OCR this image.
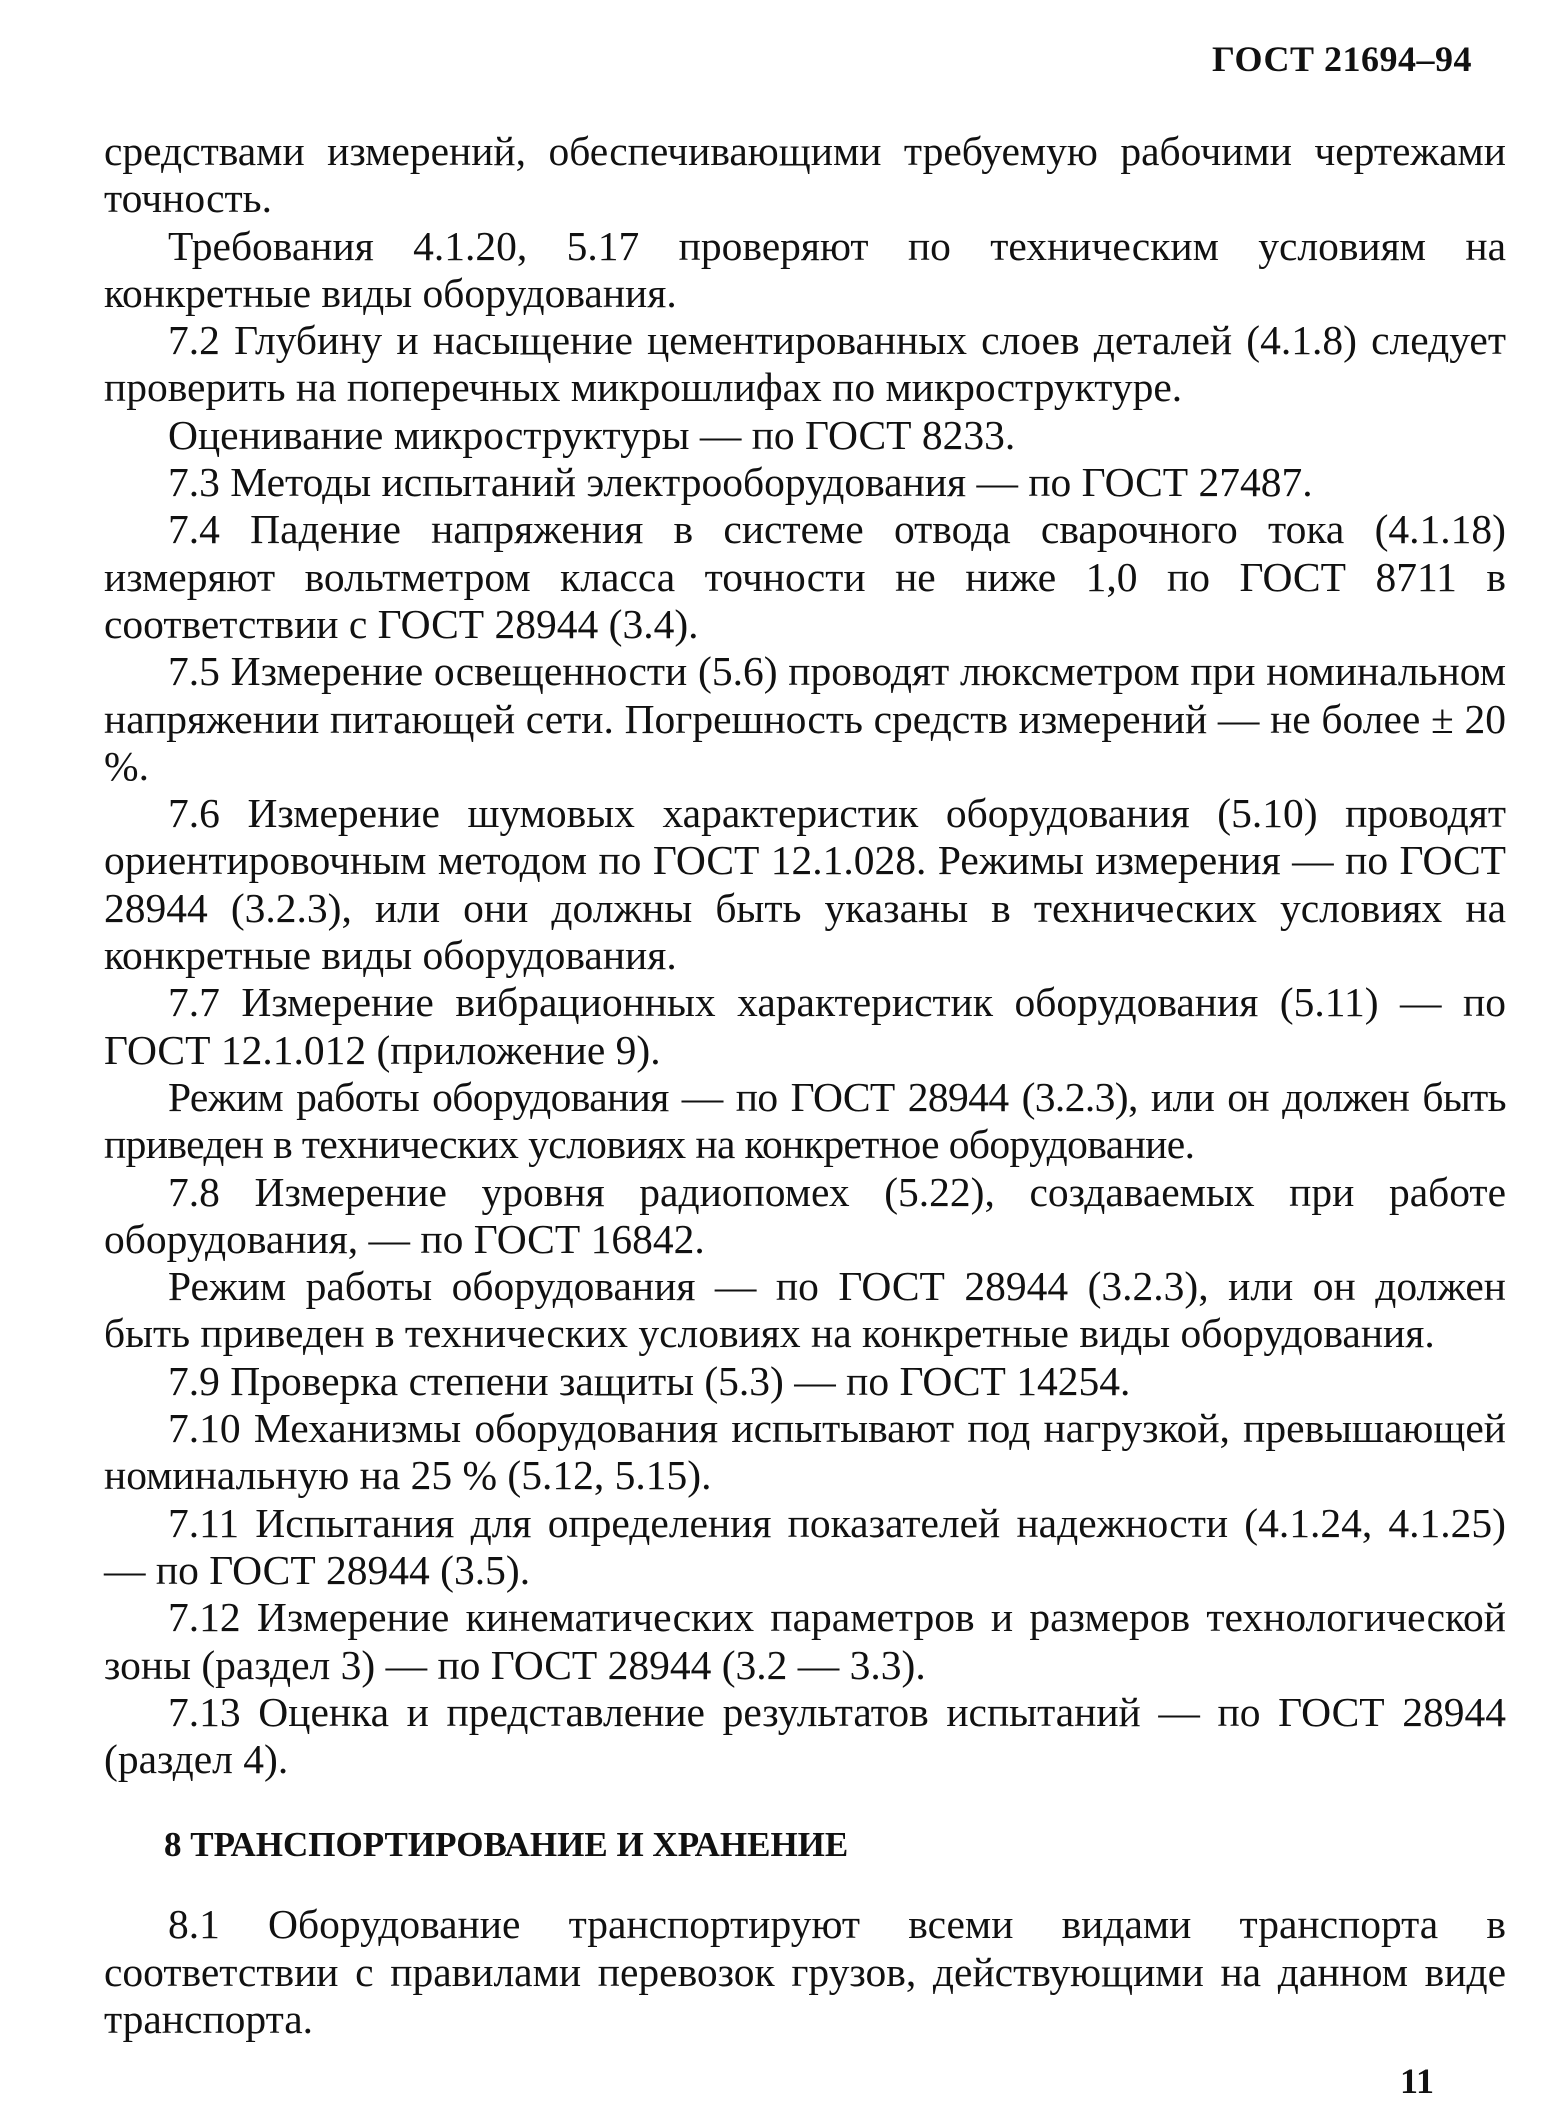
ГОСТ 21694–94

средствами измерений, обеспечивающими требуемую рабочими чертежами точность.

Требования 4.1.20, 5.17 проверяют по техническим условиям на конкретные виды оборудования.

7.2 Глубину и насыщение цементированных слоев деталей (4.1.8) следует проверить на поперечных микрошлифах по микроструктуре.

Оценивание микроструктуры — по ГОСТ 8233.

7.3 Методы испытаний электрооборудования — по ГОСТ 27487.

7.4 Падение напряжения в системе отвода сварочного тока (4.1.18) измеряют вольтметром класса точности не ниже 1,0 по ГОСТ 8711 в соответствии с ГОСТ 28944 (3.4).

7.5 Измерение освещенности (5.6) проводят люксметром при номинальном напряжении питающей сети. Погрешность средств измерений — не более ± 20 %.

7.6 Измерение шумовых характеристик оборудования (5.10) проводят ориентировочным методом по ГОСТ 12.1.028. Режимы измерения — по ГОСТ 28944 (3.2.3), или они должны быть указаны в технических условиях на конкретные виды оборудования.

7.7 Измерение вибрационных характеристик оборудования (5.11) — по ГОСТ 12.1.012 (приложение 9).

Режим работы оборудования — по ГОСТ 28944 (3.2.3), или он должен быть приведен в технических условиях на конкретное оборудование.

7.8 Измерение уровня радиопомех (5.22), создаваемых при работе оборудования, — по ГОСТ 16842.

Режим работы оборудования — по ГОСТ 28944 (3.2.3), или он должен быть приведен в технических условиях на конкретные виды оборудования.

7.9 Проверка степени защиты (5.3) — по ГОСТ 14254.

7.10 Механизмы оборудования испытывают под нагрузкой, превышающей номинальную на 25 % (5.12, 5.15).

7.11 Испытания для определения показателей надежности (4.1.24, 4.1.25) — по ГОСТ 28944 (3.5).

7.12 Измерение кинематических параметров и размеров технологической зоны (раздел 3) — по ГОСТ 28944 (3.2 — 3.3).

7.13 Оценка и представление результатов испытаний — по ГОСТ 28944 (раздел 4).

8 ТРАНСПОРТИРОВАНИЕ И ХРАНЕНИЕ

8.1 Оборудование транспортируют всеми видами транспорта в соответствии с правилами перевозок грузов, действующими на данном виде транспорта.

11
